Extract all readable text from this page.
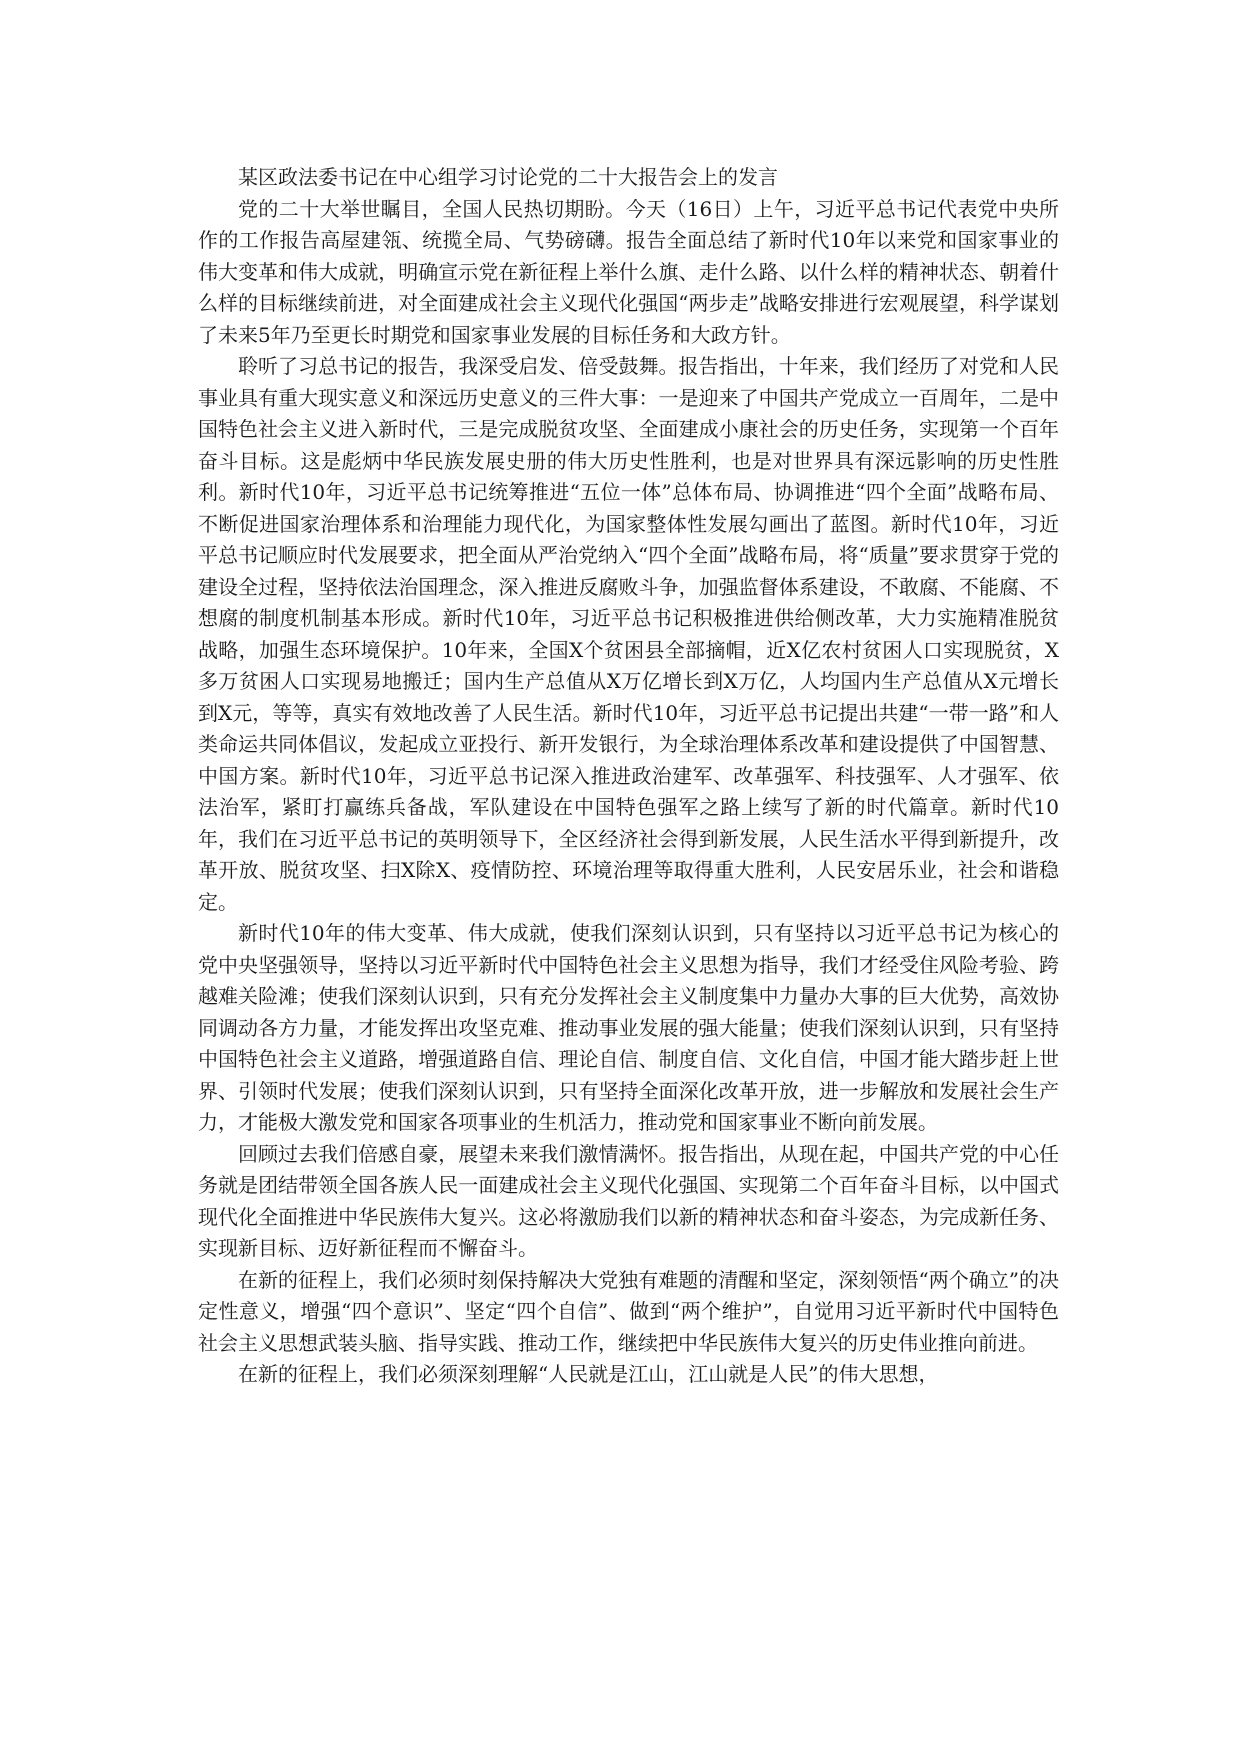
某区政法委书记在中心组学习讨论党的二十大报告会上的发言

党的二十大举世瞩目，全国人民热切期盼。今天（16日）上午，习近平总书记代表党中央所作的工作报告高屋建瓴、统揽全局、气势磅礴。报告全面总结了新时代10年以来党和国家事业的伟大变革和伟大成就，明确宣示党在新征程上举什么旗、走什么路、以什么样的精神状态、朝着什么样的目标继续前进，对全面建成社会主义现代化强国“两步走”战略安排进行宏观展望，科学谋划了未来5年乃至更长时期党和国家事业发展的目标任务和大政方针。

聆听了习总书记的报告，我深受启发、倍受鼓舞。报告指出，十年来，我们经历了对党和人民事业具有重大现实意义和深远历史意义的三件大事：一是迎来了中国共产党成立一百周年，二是中国特色社会主义进入新时代，三是完成脱贫攻坚、全面建成小康社会的历史任务，实现第一个百年奋斗目标。这是彪炳中华民族发展史册的伟大历史性胜利，也是对世界具有深远影响的历史性胜利。新时代10年，习近平总书记统筹推进“五位一体”总体布局、协调推进“四个全面”战略布局、不断促进国家治理体系和治理能力现代化，为国家整体性发展勾画出了蓝图。新时代10年，习近平总书记顺应时代发展要求，把全面从严治党纳入“四个全面”战略布局，将“质量”要求贯穿于党的建设全过程，坚持依法治国理念，深入推进反腐败斗争，加强监督体系建设，不敢腐、不能腐、不想腐的制度机制基本形成。新时代10年，习近平总书记积极推进供给侧改革，大力实施精准脱贫战略，加强生态环境保护。10年来，全国X个贫困县全部摘帽，近X亿农村贫困人口实现脱贫，X多万贫困人口实现易地搬迁；国内生产总值从X万亿增长到X万亿，人均国内生产总值从X元增长到X元，等等，真实有效地改善了人民生活。新时代10年，习近平总书记提出共建“一带一路”和人类命运共同体倡议，发起成立亚投行、新开发银行，为全球治理体系改革和建设提供了中国智慧、中国方案。新时代10年，习近平总书记深入推进政治建军、改革强军、科技强军、人才强军、依法治军，紧盯打赢练兵备战，军队建设在中国特色强军之路上续写了新的时代篇章。新时代10年，我们在习近平总书记的英明领导下，全区经济社会得到新发展，人民生活水平得到新提升，改革开放、脱贫攻坚、扫X除X、疫情防控、环境治理等取得重大胜利，人民安居乐业，社会和谐稳定。

新时代10年的伟大变革、伟大成就，使我们深刻认识到，只有坚持以习近平总书记为核心的党中央坚强领导，坚持以习近平新时代中国特色社会主义思想为指导，我们才经受住风险考验、跨越难关险滩；使我们深刻认识到，只有充分发挥社会主义制度集中力量办大事的巨大优势，高效协同调动各方力量，才能发挥出攻坚克难、推动事业发展的强大能量；使我们深刻认识到，只有坚持中国特色社会主义道路，增强道路自信、理论自信、制度自信、文化自信，中国才能大踏步赶上世界、引领时代发展；使我们深刻认识到，只有坚持全面深化改革开放，进一步解放和发展社会生产力，才能极大激发党和国家各项事业的生机活力，推动党和国家事业不断向前发展。

回顾过去我们倍感自豪，展望未来我们激情满怀。报告指出，从现在起，中国共产党的中心任务就是团结带领全国各族人民一面建成社会主义现代化强国、实现第二个百年奋斗目标，以中国式现代化全面推进中华民族伟大复兴。这必将激励我们以新的精神状态和奋斗姿态，为完成新任务、实现新目标、迈好新征程而不懈奋斗。

在新的征程上，我们必须时刻保持解决大党独有难题的清醒和坚定，深刻领悟“两个确立”的决定性意义，增强“四个意识”、坚定“四个自信”、做到“两个维护”，自觉用习近平新时代中国特色社会主义思想武装头脑、指导实践、推动工作，继续把中华民族伟大复兴的历史伟业推向前进。

在新的征程上，我们必须深刻理解“人民就是江山，江山就是人民”的伟大思想，
